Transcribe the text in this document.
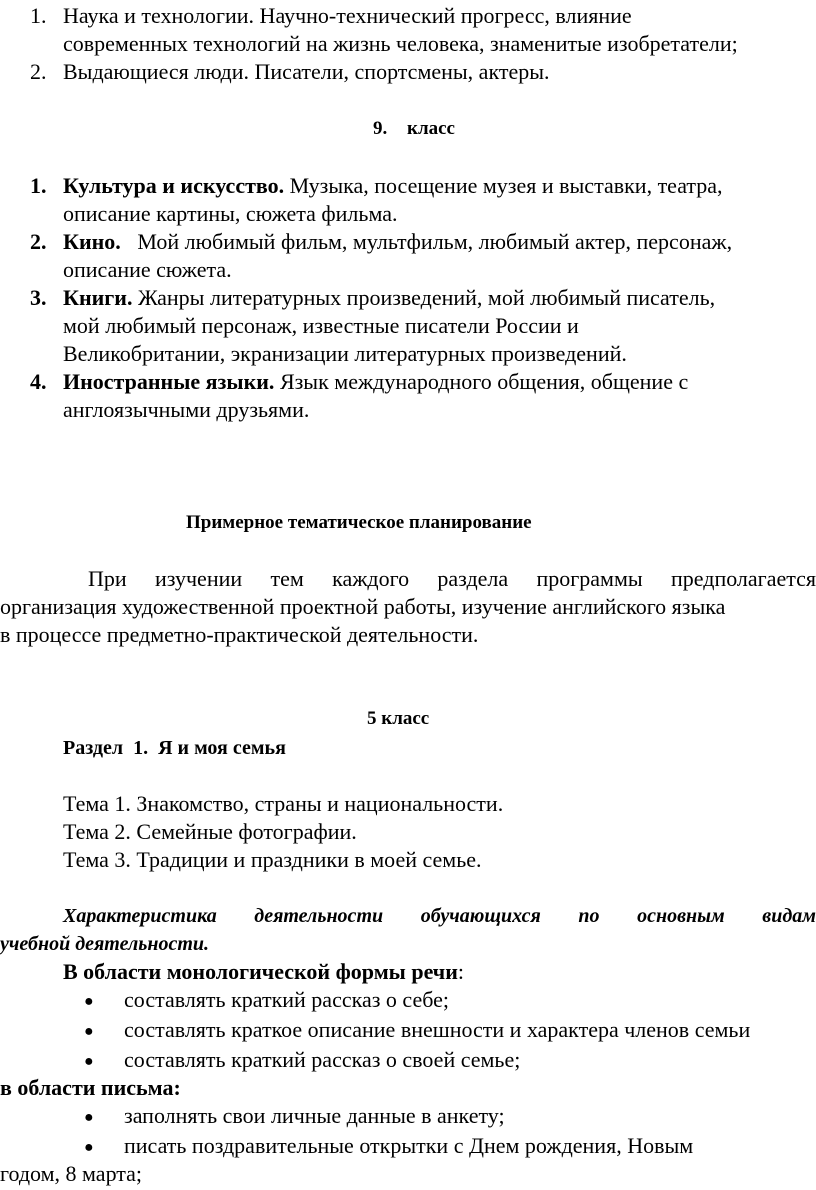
1. Наука и технологии. Научно-технический прогресс, влияние
современных технологий на жизнь человека, знаменитые изобретатели;
2. Выдающиеся люди. Писатели, спортсмены, актеры.
9. класс
1. Культура и искусство. Музыка, посещение музея и выставки, театра,
описание картины, сюжета фильма.
2. Кино.   Мой любимый фильм, мультфильм, любимый актер, персонаж,
описание сюжета.
3. Книги. Жанры литературных произведений, мой любимый писатель,
мой любимый персонаж, известные писатели России и
Великобритании, экранизации литературных произведений.
4. Иностранные языки. Язык международного общения, общение с
англоязычными друзьями.
Примерное тематическое планирование
При изучении тем каждого раздела программы предполагается
организация художественной проектной работы, изучение английского языка
в процессе предметно-практической деятельности.
5 класс
Раздел  1.  Я и моя семья
Тема 1. Знакомство, страны и национальности.
Тема 2. Семейные фотографии.
Тема 3. Традиции и праздники в моей семье.
Характеристика деятельности обучающихся по основным видам
учебной деятельности.
В области монологической формы речи:
● составлять краткий рассказ о себе;
● составлять краткое описание внешности и характера членов семьи
● составлять краткий рассказ о своей семье;
в области письма:
● заполнять свои личные данные в анкету;
● писать поздравительные открытки с Днем рождения, Новым
годом, 8 марта;
